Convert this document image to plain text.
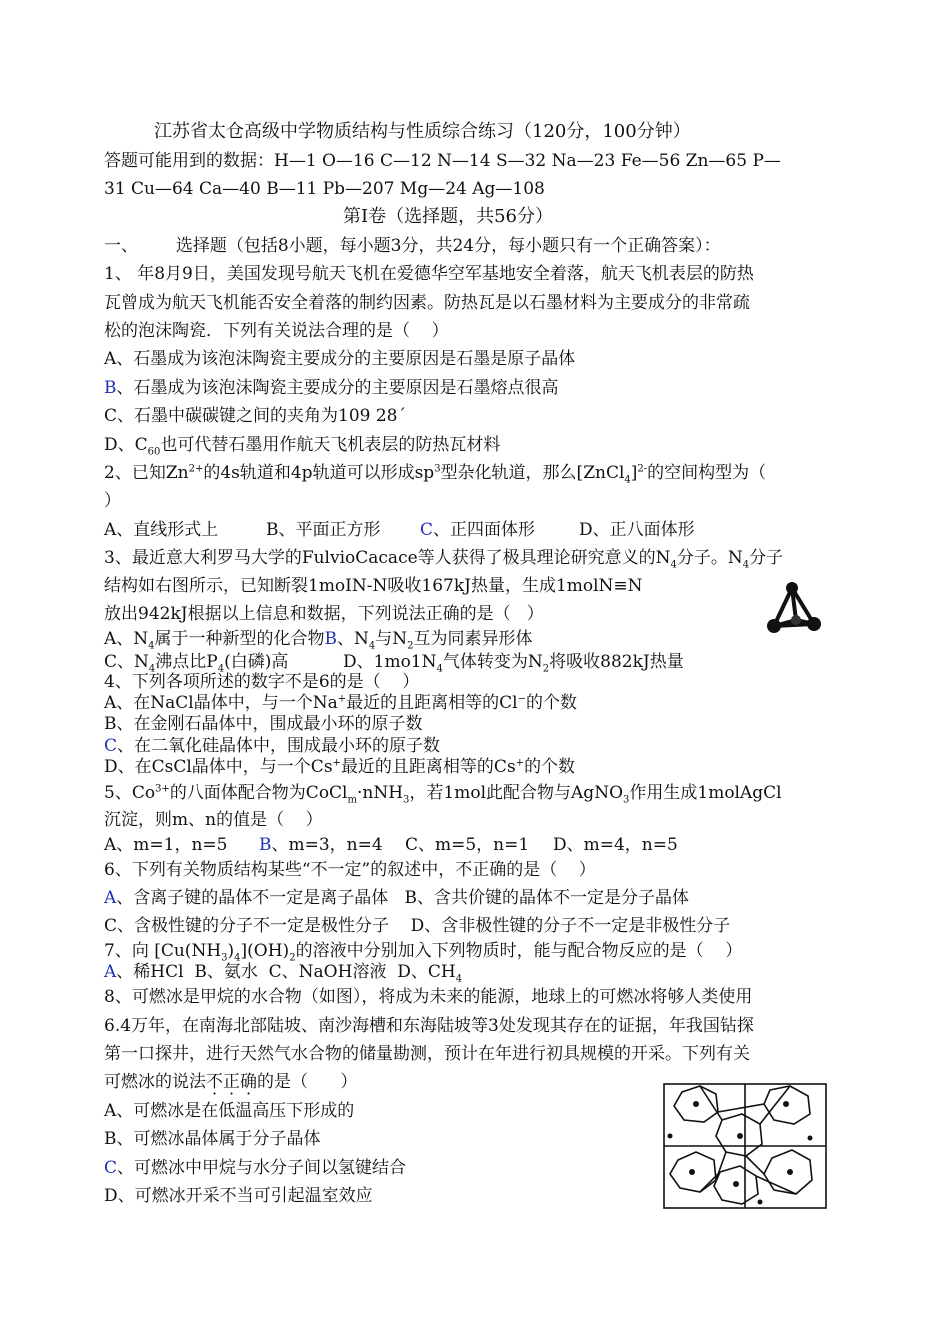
江苏省太仓高级中学物质结构与性质综合练习（120分，100分钟）
答题可能用到的数据：H—1 O—16 C—12 N—14 S—32 Na—23 Fe—56 Zn—65 P—
31 Cu—64 Ca—40 B—11 Pb—207 Mg—24 Ag—108
第Ⅰ卷（选择题，共56分）
一、       选择题（包括8小题，每小题3分，共24分，每小题只有一个正确答案）：
1、 年8月9日，美国发现号航天飞机在爱德华空军基地安全着落，航天飞机表层的防热
瓦曾成为航天飞机能否安全着落的制约因素。防热瓦是以石墨材料为主要成分的非常疏
松的泡沫陶瓷．下列有关说法合理的是（    ）
A、石墨成为该泡沫陶瓷主要成分的主要原因是石墨是原子晶体
B、石墨成为该泡沫陶瓷主要成分的主要原因是石墨熔点很高
C、石墨中碳碳键之间的夹角为109 28´
D、$C_{60}$也可代替石墨用作航天飞机表层的防热瓦材料
2、已知$Zn^{2+}$的4s轨道和4p轨道可以形成$sp^3$型杂化轨道，那么[ZnCl$_4$]$^{2-}$的空间构型为（
）
A、直线形式上	B、平面正方形 C、正四面体形	D、正八面体形
3、最近意大利罗马大学的FulvioCacace等人获得了极具理论研究意义的$N_4$分子。$N_4$分子
结构如右图所示，已知断裂1moIN-N吸收167kJ热量，生成1molN≡N
放出942kJ根据以上信息和数据，下列说法正确的是（   ）
A、$N_4$属于一种新型的化合物B、$N_4$与$N_2$互为同素异形体
C、$N_4$沸点比$P_4$(白磷)高	D、$1mo1N_4$气体转变为$N_2$将吸收882kJ热量
4、下列各项所述的数字不是6的是（    ）
A、在NaCl晶体中，与一个Na+最近的且距离相等的Cl−的个数
B、在金刚石晶体中，围成最小环的原子数
C、在二氧化硅晶体中，围成最小环的原子数
D、在CsCl晶体中，与一个Cs+最近的且距离相等的Cs+的个数
5、$Co^{3+}$的八面体配合物为CoCl$_m$·nNH$_3$，若1mol此配合物与AgNO$_3$作用生成1molAgCl
沉淀，则m、n的值是（    ）
A、m=1，n=5 B、m=3，n=4 C、m=5，n=1 D、m=4，n=5
6、下列有关物质结构某些“不一定”的叙述中，不正确的是（    ）
A、含离子键的晶体不一定是离子晶体   B、含共价键的晶体不一定是分子晶体
C、含极性键的分子不一定是极性分子    D、含非极性键的分子不一定是非极性分子
7、向 $[Cu(NH_3)_4](OH)_2$的溶液中分别加入下列物质时，能与配合物反应的是（    ）
A、稀HCl  B、氨水  C、NaOH溶液  D、$CH_4$
8、可燃冰是甲烷的水合物（如图），将成为未来的能源，地球上的可燃冰将够人类使用
6.4万年，在南海北部陆坡、南沙海槽和东海陆坡等3处发现其存在的证据，年我国钻探
第一口探井，进行天然气水合物的储量勘测，预计在年进行初具规模的开采。下列有关
可燃冰的说法不正确的是（      ）
A、可燃冰是在低温高压下形成的
B、可燃冰晶体属于分子晶体
C、可燃冰中甲烷与水分子间以氢键结合
D、可燃冰开采不当可引起温室效应
